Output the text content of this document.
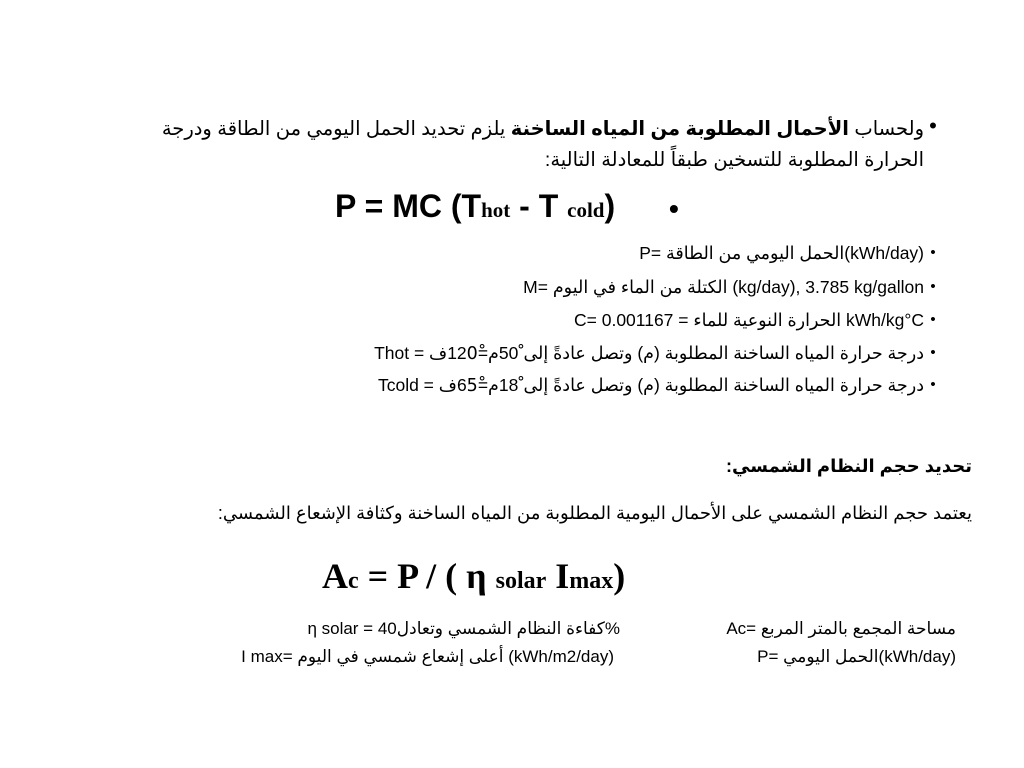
•

ولحساب الأحمال المطلوبة من المياه الساخنة يلزم تحديد الحمل اليومي من الطاقة ودرجة الحرارة المطلوبة للتسخين طبقاً للمعادلة التالية:

P = MC (Thot - T cold) •
•
P= الحمل اليومي من الطاقة(kWh/day)
•
M= الكتلة من الماء في اليوم (kg/day), 3.785 kg/gallon
•
C= الحرارة النوعية للماء = 0.001167 kWh/kg°C
•
Thot = درجة حرارة المياه الساخنة المطلوبة (م) وتصل عادةً إلى ْ50م=120ْف
•
Tcold = درجة حرارة المياه الساخنة المطلوبة (م) وتصل عادةً إلى ْ18م=65ْف
تحديد حجم النظام الشمسي:
يعتمد حجم النظام الشمسي على الأحمال اليومية المطلوبة من المياه الساخنة وكثافة الإشعاع الشمسي:
Ac = P / ( η solar Imax)
Ac= مساحة المجمع بالمتر المربع
P= الحمل اليومي(kWh/day)
η solar = كفاءة النظام الشمسي وتعادل40%
I max= أعلى إشعاع شمسي في اليوم (kWh/m2/day)
